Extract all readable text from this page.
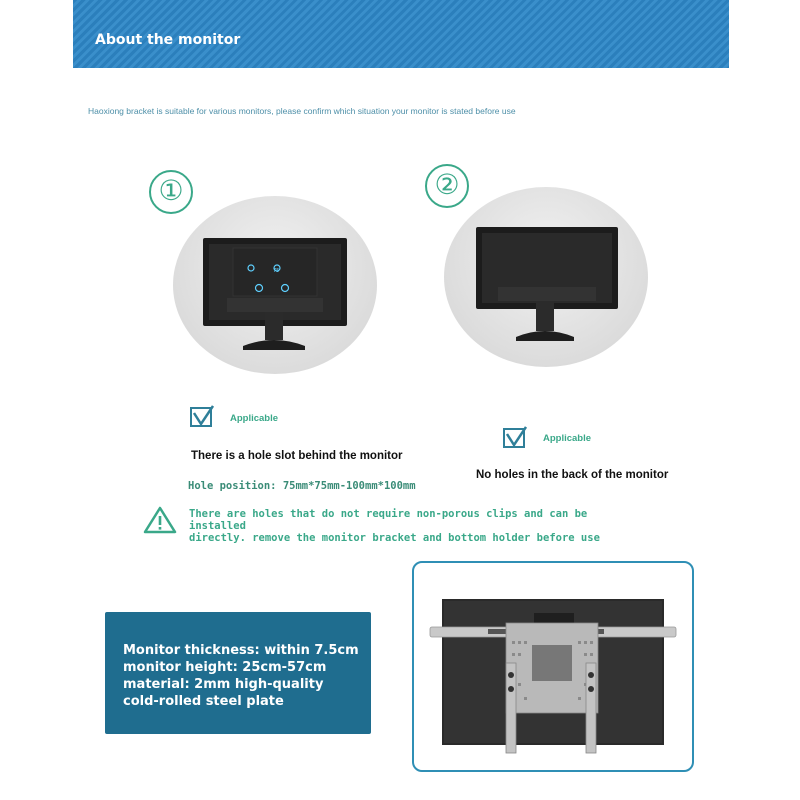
About the monitor
Haoxiong bracket is suitable for various monitors, please confirm which situation your monitor is stated before use
①
75
②
Applicable
Applicable
There is a hole slot behind the monitor
No holes in the back of the monitor
Hole position: 75mm*75mm-100mm*100mm
There are holes that do not require non-porous clips and can be installed
directly. remove the monitor bracket and bottom holder before use
Monitor thickness: within 7.5cm
monitor height: 25cm-57cm
material: 2mm high-quality
cold-rolled steel plate
